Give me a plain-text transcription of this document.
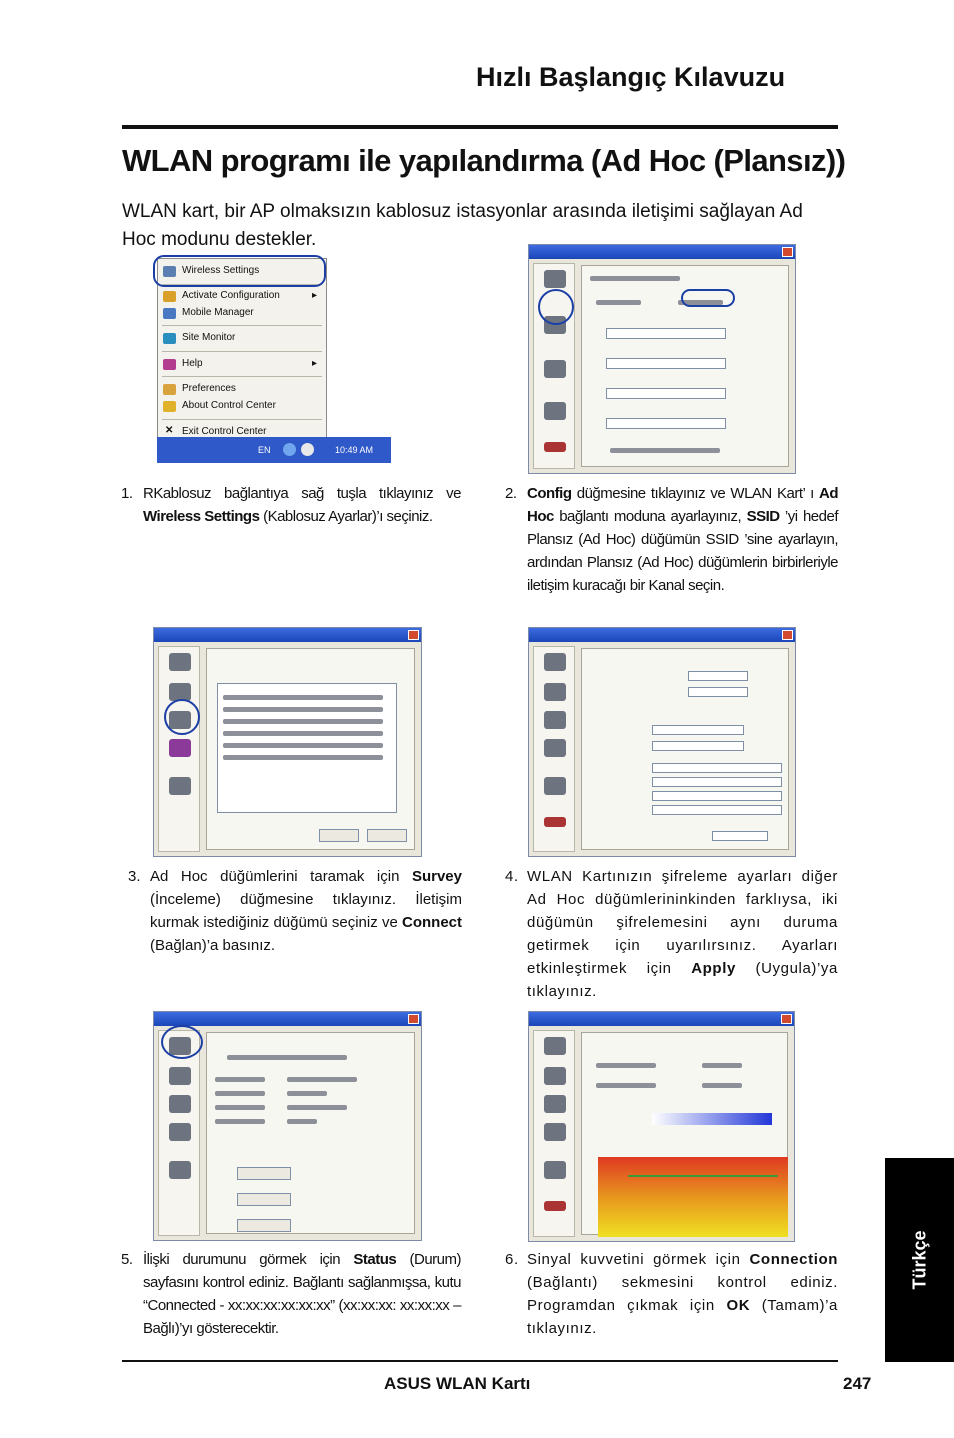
Hızlı Başlangıç Kılavuzu
WLAN programı ile yapılandırma (Ad Hoc (Plansız))
WLAN kart, bir AP olmaksızın kablosuz istasyonlar arasında iletişimi sağlayan Ad Hoc modunu destekler.
Wireless Settings
Activate Configuration	▸
Mobile Manager
Site Monitor
Help	▸
Preferences
About Control Center
✕ Exit Control Center
EN	10:49 AM
1. RKablosuz bağlantıya sağ tuşla tıklayınız ve Wireless Settings (Kablosuz Ayarlar)’ı seçiniz.
2. Config düğmesine tıklayınız ve WLAN Kart’ ı Ad Hoc bağlantı moduna ayarlayınız, SSID ’yi hedef Plansız (Ad Hoc) düğümün SSID ’sine ayarlayın, ardından Plansız (Ad Hoc) düğümlerin birbirleriyle iletişim kuracağı bir Kanal seçin.
3. Ad Hoc düğümlerini taramak için Survey (İnceleme) düğmesine tıklayınız. İletişim kurmak istediğiniz düğümü seçiniz ve Connect (Bağlan)’a basınız.
4. WLAN Kartınızın şifreleme ayarları diğer Ad Hoc düğümlerininkinden farklıysa, iki düğümün şifrelemesini aynı duruma getirmek için uyarılırsınız. Ayarları etkinleştirmek için Apply (Uygula)’ya tıklayınız.
5. İlişki durumunu görmek için Status (Durum) sayfasını kontrol ediniz. Bağlantı sağlanmışsa, kutu “Connected - xx:xx:xx:xx:xx:xx” (xx:xx:xx: xx:xx:xx – Bağlı)’yı gösterecektir.
6. Sinyal kuvvetini görmek için Connection (Bağlantı) sekmesini kontrol ediniz. Programdan çıkmak için OK (Tamam)’a tıklayınız.
Türkçe
ASUS WLAN Kartı	247
